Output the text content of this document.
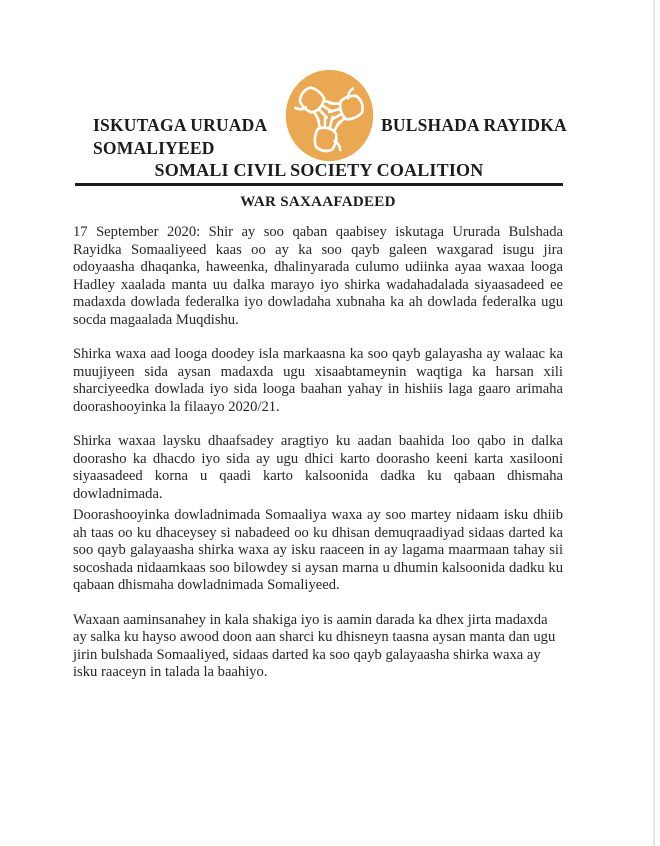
ISKUTAGA URUADA
SOMALIYEED
BULSHADA RAYIDKA
SOMALI CIVIL SOCIETY COALITION
WAR SAXAAFADEED

17 September 2020: Shir ay soo qaban qaabisey iskutaga Ururada Bulshada Rayidka Somaaliyeed kaas oo ay ka soo qayb galeen waxgarad isugu jira odoyaasha dhaqanka, haweenka, dhalinyarada culumo udiinka ayaa waxaa looga Hadley xaalada manta uu dalka marayo iyo shirka wadahadalada siyaasadeed ee madaxda dowlada federalka iyo dowladaha xubnaha ka ah dowlada federalka ugu socda magaalada Muqdishu.

Shirka waxa aad looga doodey isla markaasna ka soo qayb galayasha ay walaac ka muujiyeen sida aysan madaxda ugu xisaabtameynin waqtiga ka harsan xili sharciyeedka dowlada iyo sida looga baahan yahay in hishiis laga gaaro arimaha doorashooyinka la filaayo 2020/21.

Shirka waxaa laysku dhaafsadey aragtiyo ku aadan baahida loo qabo in dalka doorasho ka dhacdo iyo sida ay ugu dhici karto doorasho keeni karta xasilooni siyaasadeed korna u qaadi karto kalsoonida dadka ku qabaan dhismaha dowladnimada.

Doorashooyinka dowladnimada Somaaliya waxa ay soo martey nidaam isku dhiib ah taas oo ku dhaceysey si nabadeed oo ku dhisan demuqraadiyad sidaas darted ka soo qayb galayaasha shirka waxa ay isku raaceen in ay lagama maarmaan tahay sii socoshada nidaamkaas soo bilowdey si aysan marna u dhumin kalsoonida dadku ku qabaan dhismaha dowladnimada Somaliyeed.

Waxaan aaminsanahey in kala shakiga iyo is aamin darada ka dhex jirta madaxda ay salka ku hayso awood doon aan sharci ku dhisneyn taasna aysan manta dan ugu jirin bulshada Somaaliyed, sidaas darted ka soo qayb galayaasha shirka waxa ay isku raaceyn in talada la baahiyo.
